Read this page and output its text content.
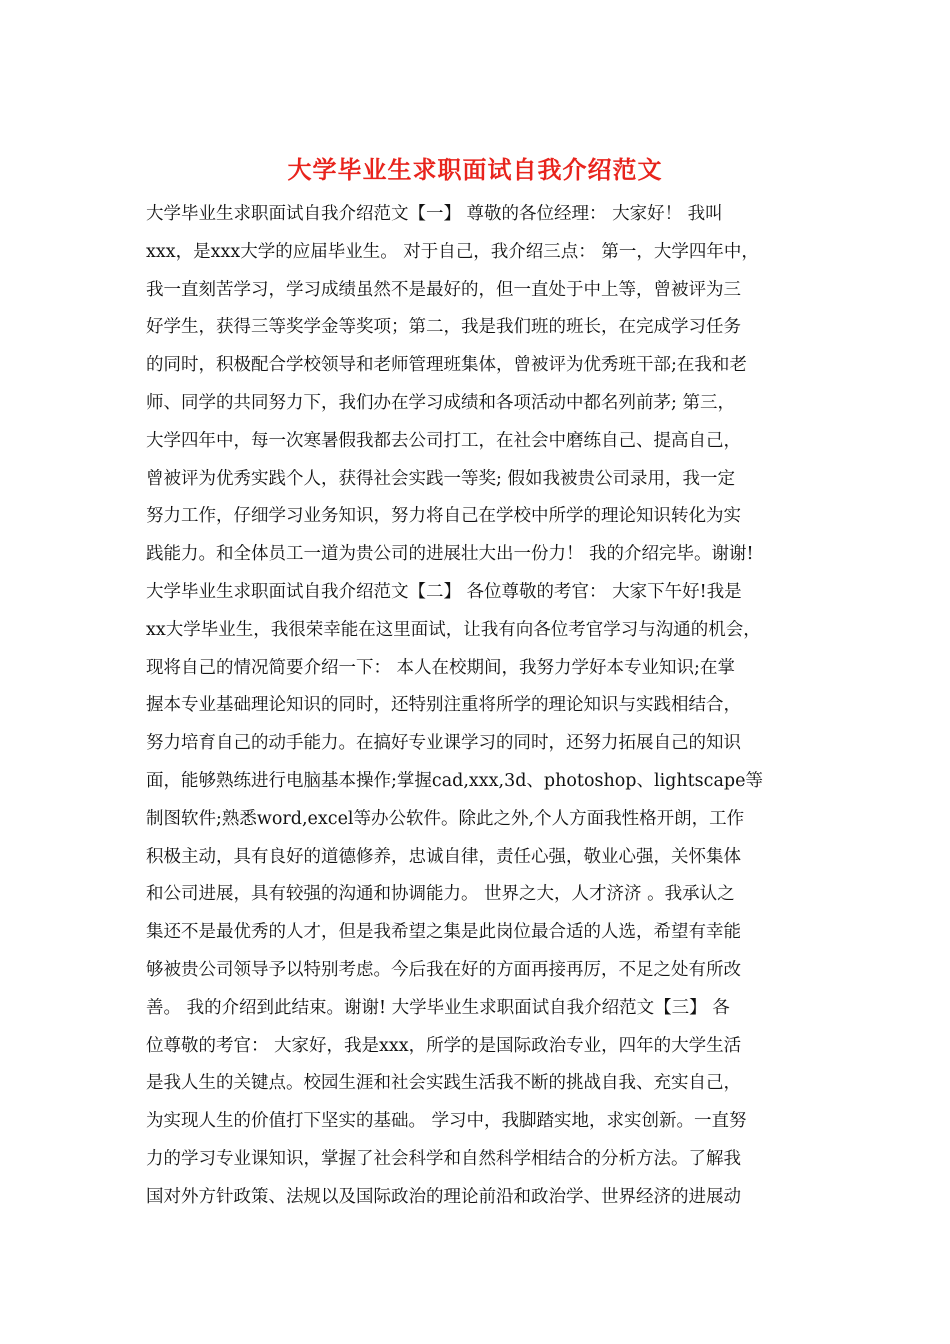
大学毕业生求职面试自我介绍范文
大学毕业生求职面试自我介绍范文【一】 尊敬的各位经理： 大家好！ 我叫
xxx，是xxx大学的应届毕业生。 对于自己，我介绍三点： 第一，大学四年中，
我一直刻苦学习，学习成绩虽然不是最好的，但一直处于中上等，曾被评为三
好学生，获得三等奖学金等奖项；第二，我是我们班的班长，在完成学习任务
的同时，积极配合学校领导和老师管理班集体，曾被评为优秀班干部;在我和老
师、同学的共同努力下，我们办在学习成绩和各项活动中都名列前茅; 第三，
大学四年中，每一次寒暑假我都去公司打工，在社会中磨练自己、提高自己，
曾被评为优秀实践个人，获得社会实践一等奖; 假如我被贵公司录用，我一定
努力工作，仔细学习业务知识，努力将自己在学校中所学的理论知识转化为实
践能力。和全体员工一道为贵公司的进展壮大出一份力！ 我的介绍完毕。谢谢!
大学毕业生求职面试自我介绍范文【二】 各位尊敬的考官： 大家下午好!我是
xx大学毕业生，我很荣幸能在这里面试，让我有向各位考官学习与沟通的机会，
现将自己的情况简要介绍一下： 本人在校期间，我努力学好本专业知识;在掌
握本专业基础理论知识的同时，还特别注重将所学的理论知识与实践相结合，
努力培育自己的动手能力。在搞好专业课学习的同时，还努力拓展自己的知识
面，能够熟练进行电脑基本操作;掌握cad,xxx,3d、photoshop、lightscape等
制图软件;熟悉word,excel等办公软件。除此之外,个人方面我性格开朗，工作
积极主动，具有良好的道德修养，忠诚自律，责任心强，敬业心强，关怀集体
和公司进展，具有较强的沟通和协调能力。 世界之大，人才济济 。我承认之
集还不是最优秀的人才，但是我希望之集是此岗位最合适的人选，希望有幸能
够被贵公司领导予以特别考虑。今后我在好的方面再接再厉，不足之处有所改
善。 我的介绍到此结束。谢谢! 大学毕业生求职面试自我介绍范文【三】 各
位尊敬的考官： 大家好，我是xxx，所学的是国际政治专业，四年的大学生活
是我人生的关键点。校园生涯和社会实践生活我不断的挑战自我、充实自己，
为实现人生的价值打下坚实的基础。 学习中，我脚踏实地，求实创新。一直努
力的学习专业课知识，掌握了社会科学和自然科学相结合的分析方法。了解我
国对外方针政策、法规以及国际政治的理论前沿和政治学、世界经济的进展动
